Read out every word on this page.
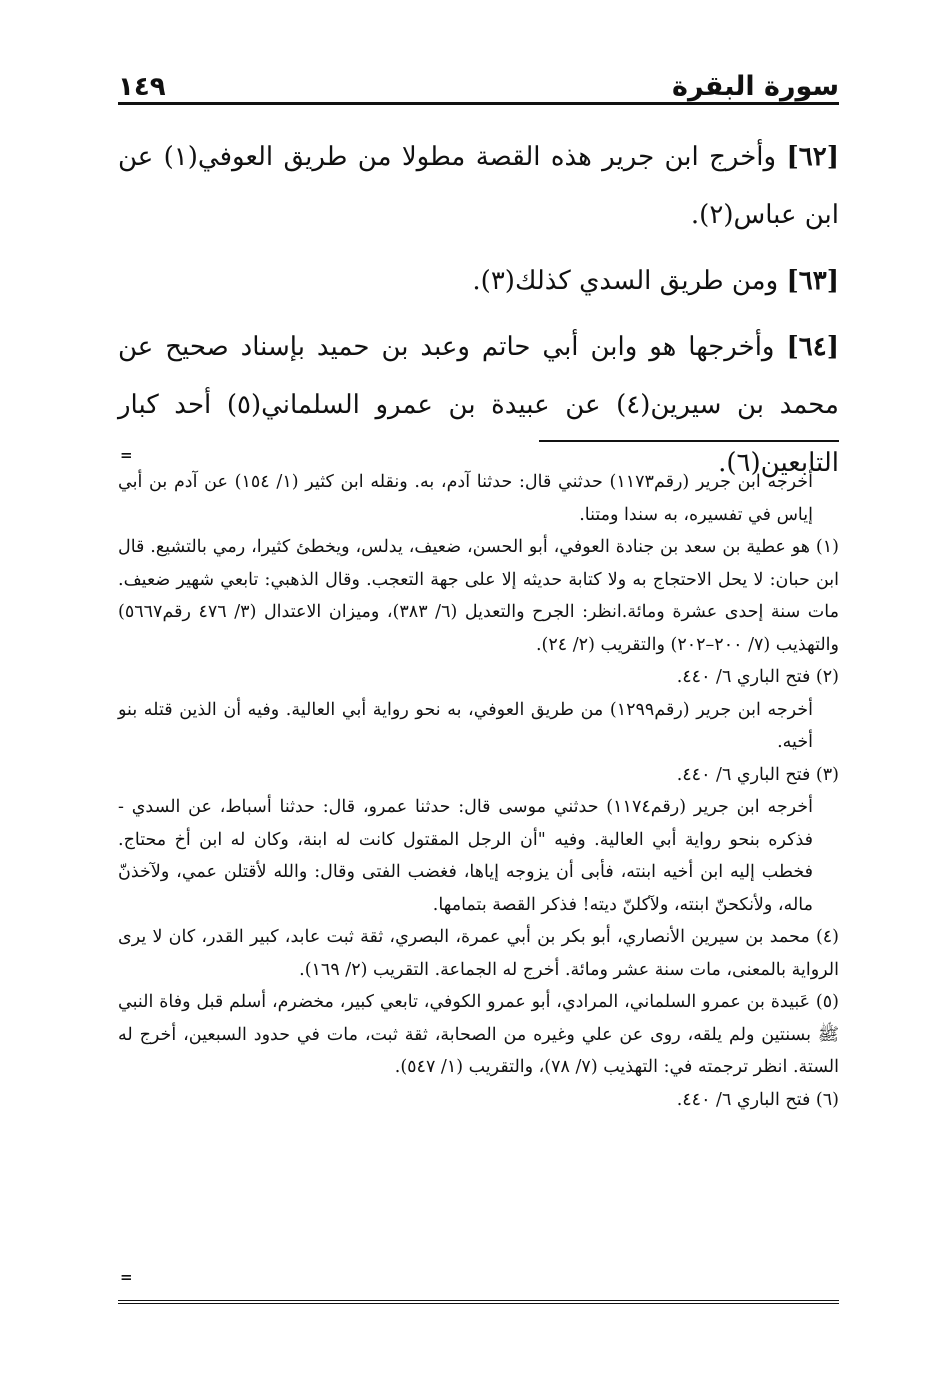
سورة البقرة
١٤٩

[٦٢] وأخرج ابن جرير هذه القصة مطولا من طريق العوفي(١) عن ابن عباس(٢).

[٦٣] ومن طريق السدي كذلك(٣).

[٦٤] وأخرجها هو وابن أبي حاتم وعبد بن حميد بإسناد صحيح عن محمد بن سيرين(٤) عن عبيدة بن عمرو السلماني(٥) أحد كبار التابعين(٦).

=
أخرجه ابن جرير (رقم١١٧٣) حدثني قال: حدثنا آدم، به. ونقله ابن كثير (١/ ١٥٤) عن آدم بن أبي إياس في تفسيره، به سندا ومتنا.
(١) هو عطية بن سعد بن جنادة العوفي، أبو الحسن، ضعيف، يدلس، ويخطئ كثيرا، رمي بالتشيع. قال ابن حبان: لا يحل الاحتجاج به ولا كتابة حديثه إلا على جهة التعجب. وقال الذهبي: تابعي شهير ضعيف. مات سنة إحدى عشرة ومائة.انظر: الجرح والتعديل (٦/ ٣٨٣)، وميزان الاعتدال (٣/ ٤٧٦ رقم٥٦٦٧) والتهذيب (٧/ ٢٠٠–٢٠٢) والتقريب (٢/ ٢٤).
(٢) فتح الباري ٦/ ٤٤٠.
أخرجه ابن جرير (رقم١٢٩٩) من طريق العوفي، به نحو رواية أبي العالية. وفيه أن الذين قتله بنو أخيه.
(٣) فتح الباري ٦/ ٤٤٠.
أخرجه ابن جرير (رقم١١٧٤) حدثني موسى قال: حدثنا عمرو، قال: حدثنا أسباط، عن السدي - فذكره بنحو رواية أبي العالية. وفيه "أن الرجل المقتول كانت له ابنة، وكان له ابن أخ محتاج. فخطب إليه ابن أخيه ابنته، فأبى أن يزوجه إياها، فغضب الفتى وقال: والله لأقتلن عمي، ولآخذنّ ماله، ولأنكحنّ ابنته، ولآكلنّ ديته! فذكر القصة بتمامها.
(٤) محمد بن سيرين الأنصاري، أبو بكر بن أبي عمرة، البصري، ثقة ثبت عابد، كبير القدر، كان لا يرى الرواية بالمعنى، مات سنة عشر ومائة. أخرج له الجماعة. التقريب (٢/ ١٦٩).
(٥) عَبيدة بن عمرو السلماني، المرادي، أبو عمرو الكوفي، تابعي كبير، مخضرم، أسلم قبل وفاة النبي ﷺ بسنتين ولم يلقه، روى عن علي وغيره من الصحابة، ثقة ثبت، مات في حدود السبعين، أخرج له الستة. انظر ترجمته في: التهذيب (٧/ ٧٨)، والتقريب (١/ ٥٤٧).
(٦) فتح الباري ٦/ ٤٤٠.
=
